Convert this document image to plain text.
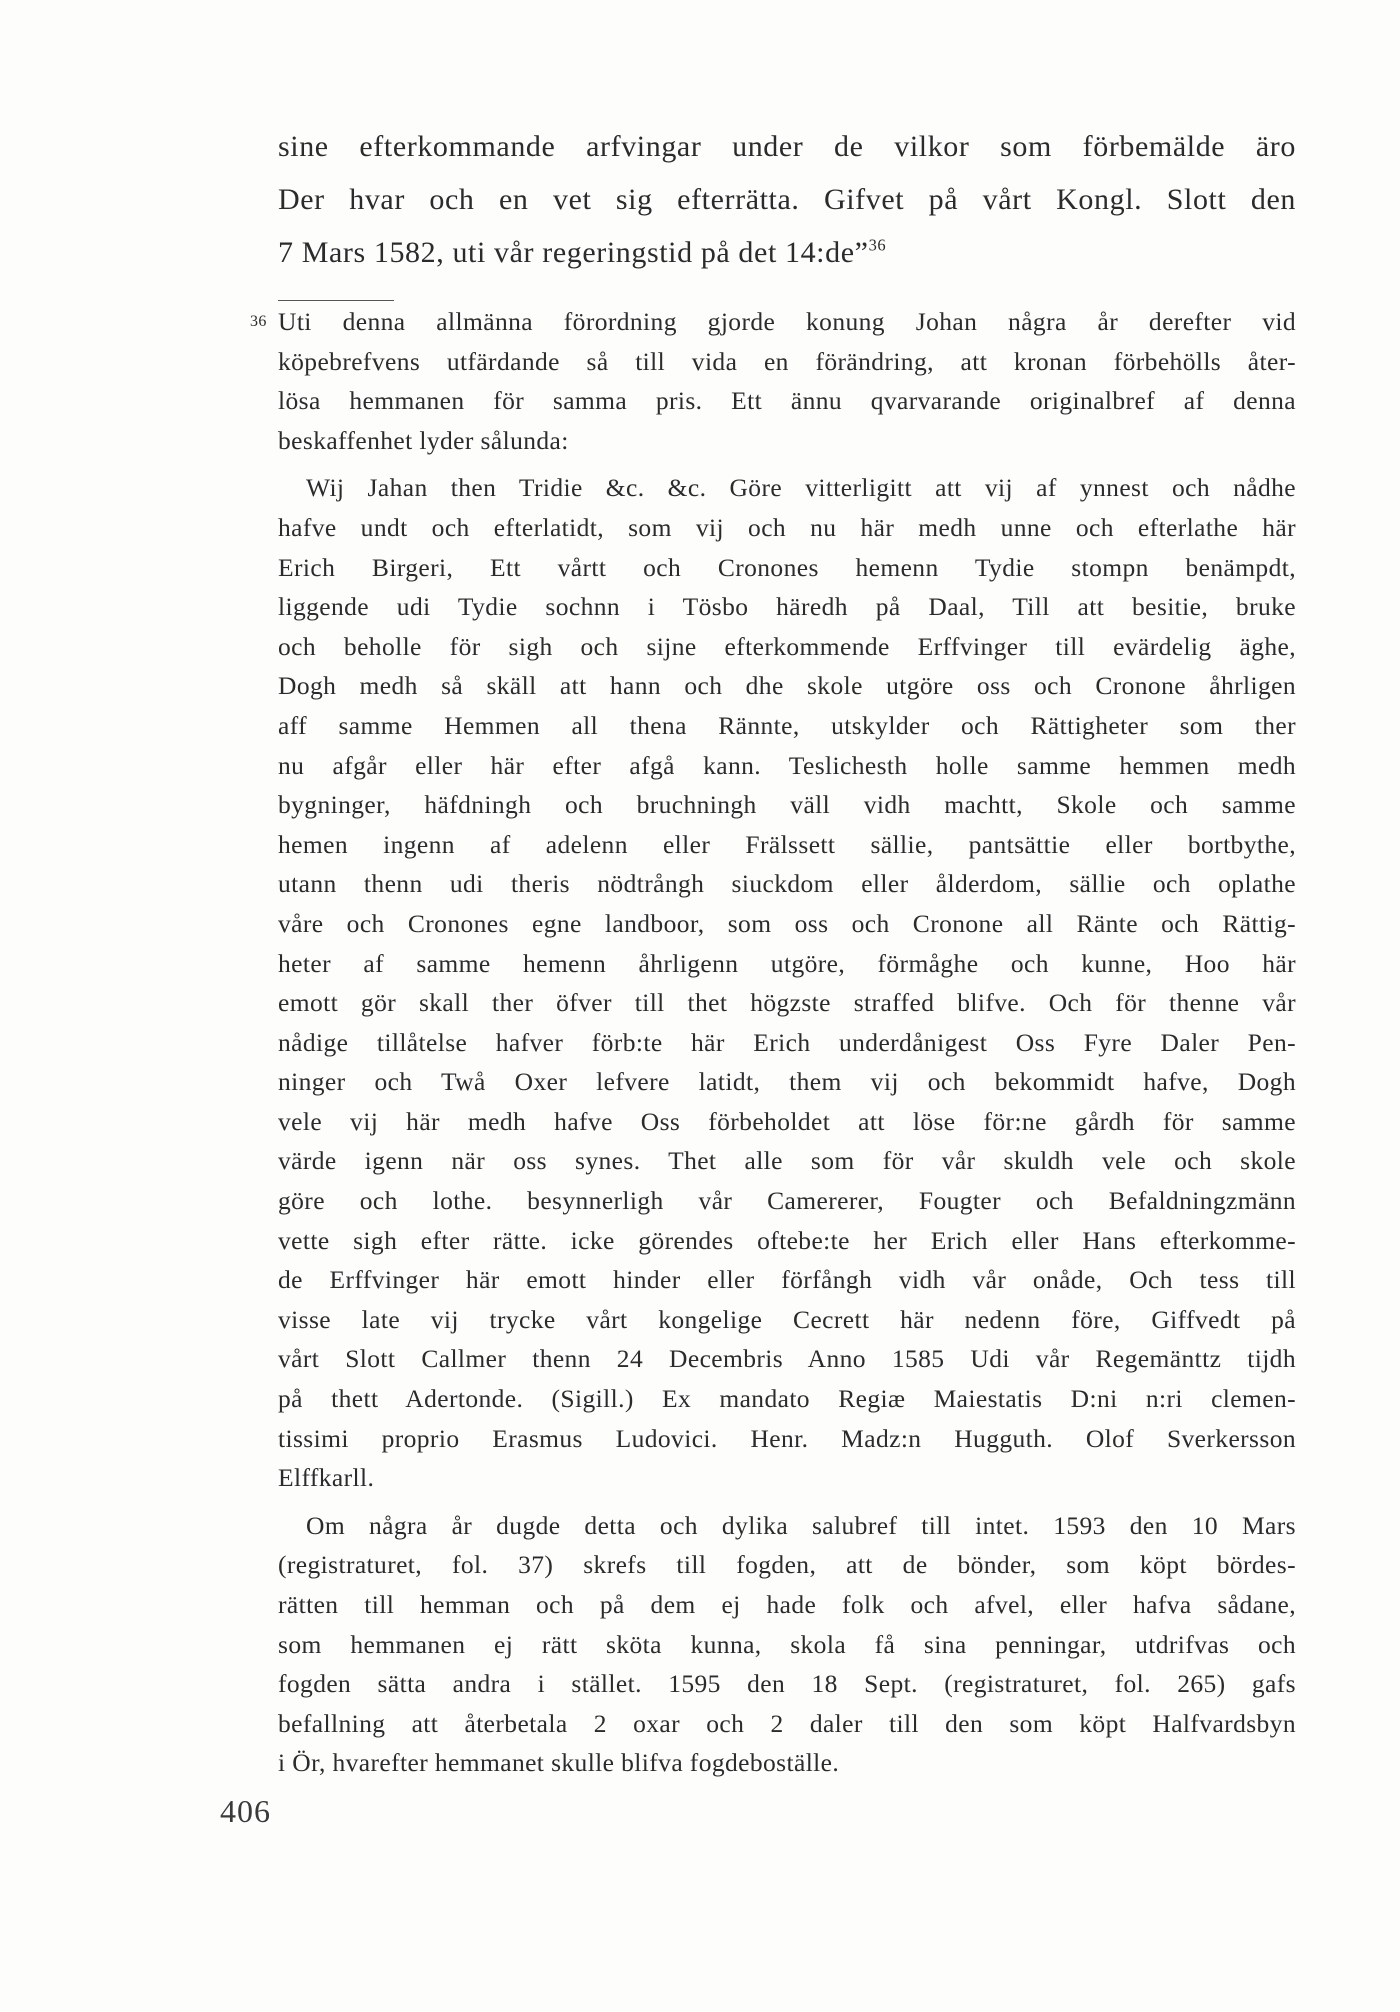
sine efterkommande arfvingar under de vilkor som förbemälde äro
Der hvar och en vet sig efterrätta. Gifvet på vårt Kongl. Slott den
7 Mars 1582, uti vår regeringstid på det 14:de”$^{36}$
36 Uti denna allmänna förordning gjorde konung Johan några år derefter vid
köpebrefvens utfärdande så till vida en förändring, att kronan förbehölls åter-
lösa hemmanen för samma pris. Ett ännu qvarvarande originalbref af denna
beskaffenhet lyder sålunda:
Wij Jahan then Tridie &c. &c. Göre vitterligitt att vij af ynnest och nådhe
hafve undt och efterlatidt, som vij och nu här medh unne och efterlathe här
Erich Birgeri, Ett vårtt och Cronones hemenn Tydie stompn benämpdt,
liggende udi Tydie sochnn i Tösbo häredh på Daal, Till att besitie, bruke
och beholle för sigh och sijne efterkommende Erffvinger till evärdelig äghe,
Dogh medh så skäll att hann och dhe skole utgöre oss och Cronone åhrligen
aff samme Hemmen all thena Rännte, utskylder och Rättigheter som ther
nu afgår eller här efter afgå kann. Teslichesth holle samme hemmen medh
bygninger, häfdningh och bruchningh väll vidh machtt, Skole och samme
hemen ingenn af adelenn eller Frälssett sällie, pantsättie eller bortbythe,
utann thenn udi theris nödtrångh siuckdom eller ålderdom, sällie och oplathe
våre och Cronones egne landboor, som oss och Cronone all Ränte och Rättig-
heter af samme hemenn åhrligenn utgöre, förmåghe och kunne, Hoo här
emott gör skall ther öfver till thet högzste straffed blifve. Och för thenne vår
nådige tillåtelse hafver förb:te här Erich underdånigest Oss Fyre Daler Pen-
ninger och Twå Oxer lefvere latidt, them vij och bekommidt hafve, Dogh
vele vij här medh hafve Oss förbeholdet att löse för:ne gårdh för samme
värde igenn när oss synes. Thet alle som för vår skuldh vele och skole
göre och lothe. besynnerligh vår Camererer, Fougter och Befaldningzmänn
vette sigh efter rätte. icke görendes oftebe:te her Erich eller Hans efterkomme-
de Erffvinger här emott hinder eller förfångh vidh vår onåde, Och tess till
visse late vij trycke vårt kongelige Cecrett här nedenn före, Giffvedt på
vårt Slott Callmer thenn 24 Decembris Anno 1585 Udi vår Regemänttz tijdh
på thett Adertonde. (Sigill.) Ex mandato Regiæ Maiestatis D:ni n:ri clemen-
tissimi proprio Erasmus Ludovici. Henr. Madz:n Hugguth. Olof Sverkersson
Elffkarll.
Om några år dugde detta och dylika salubref till intet. 1593 den 10 Mars
(registraturet, fol. 37) skrefs till fogden, att de bönder, som köpt bördes-
rätten till hemman och på dem ej hade folk och afvel, eller hafva sådane,
som hemmanen ej rätt sköta kunna, skola få sina penningar, utdrifvas och
fogden sätta andra i stället. 1595 den 18 Sept. (registraturet, fol. 265) gafs
befallning att återbetala 2 oxar och 2 daler till den som köpt Halfvardsbyn
i Ör, hvarefter hemmanet skulle blifva fogdeboställe.
406
